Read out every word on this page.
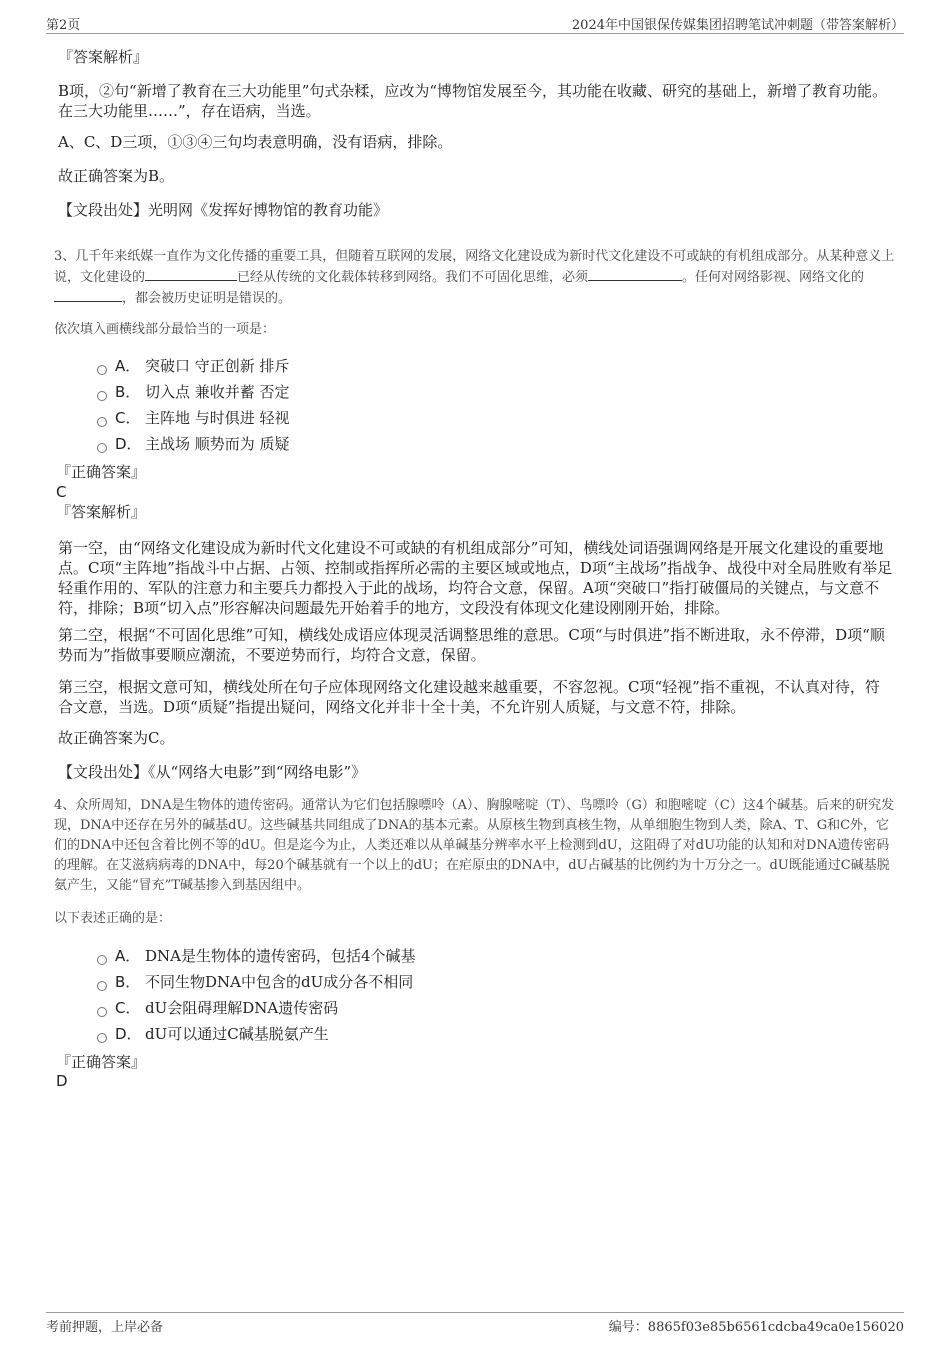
第2页	2024年中国银保传媒集团招聘笔试冲刺题（带答案解析）
『答案解析』
B项，②句“新增了教育在三大功能里”句式杂糅，应改为“博物馆发展至今，其功能在收藏、研究的基础上，新增了教育功能。在三大功能里……”，存在语病，当选。
A、C、D三项，①③④三句均表意明确，没有语病，排除。
故正确答案为B。
【文段出处】光明网《发挥好博物馆的教育功能》
3、几千年来纸媒一直作为文化传播的重要工具，但随着互联网的发展，网络文化建设成为新时代文化建设不可或缺的有机组成部分。从某种意义上说，文化建设的	已经从传统的文化载体转移到网络。我们不可固化思维，必须	。任何对网络影视、网络文化的，都会被历史证明是错误的。
依次填入画横线部分最恰当的一项是：
A． 突破口 守正创新 排斥
B． 切入点 兼收并蓄 否定
C． 主阵地 与时俱进 轻视
D． 主战场 顺势而为 质疑
『正确答案』
C
『答案解析』
第一空，由“网络文化建设成为新时代文化建设不可或缺的有机组成部分”可知，横线处词语强调网络是开展文化建设的重要地点。C项“主阵地”指战斗中占据、占领、控制或指挥所必需的主要区域或地点，D项“主战场”指战争、战役中对全局胜败有举足轻重作用的、军队的注意力和主要兵力都投入于此的战场，均符合文意，保留。A项“突破口”指打破僵局的关键点，与文意不符，排除；B项“切入点”形容解决问题最先开始着手的地方，文段没有体现文化建设刚刚开始，排除。
第二空，根据“不可固化思维”可知，横线处成语应体现灵活调整思维的意思。C项“与时俱进”指不断进取，永不停滞，D项“顺势而为”指做事要顺应潮流，不要逆势而行，均符合文意，保留。
第三空，根据文意可知，横线处所在句子应体现网络文化建设越来越重要，不容忽视。C项“轻视”指不重视，不认真对待，符合文意，当选。D项“质疑”指提出疑问，网络文化并非十全十美，不允许别人质疑，与文意不符，排除。
故正确答案为C。
【文段出处】《从“网络大电影”到“网络电影”》
4、众所周知，DNA是生物体的遗传密码。通常认为它们包括腺嘌呤（A）、胸腺嘧啶（T）、鸟嘌呤（G）和胞嘧啶（C）这4个碱基。后来的研究发现，DNA中还存在另外的碱基dU。这些碱基共同组成了DNA的基本元素。从原核生物到真核生物，从单细胞生物到人类，除A、T、G和C外，它们的DNA中还包含着比例不等的dU。但是迄今为止，人类还难以从单碱基分辨率水平上检测到dU，这阻碍了对dU功能的认知和对DNA遗传密码的理解。在艾滋病病毒的DNA中，每20个碱基就有一个以上的dU；在疟原虫的DNA中，dU占碱基的比例约为十万分之一。dU既能通过C碱基脱氨产生，又能“冒充”T碱基掺入到基因组中。
以下表述正确的是：
A． DNA是生物体的遗传密码，包括4个碱基
B． 不同生物DNA中包含的dU成分各不相同
C． dU会阻碍理解DNA遗传密码
D． dU可以通过C碱基脱氨产生
『正确答案』
D
考前押题，上岸必备	编号：8865f03e85b6561cdcba49ca0e156020
